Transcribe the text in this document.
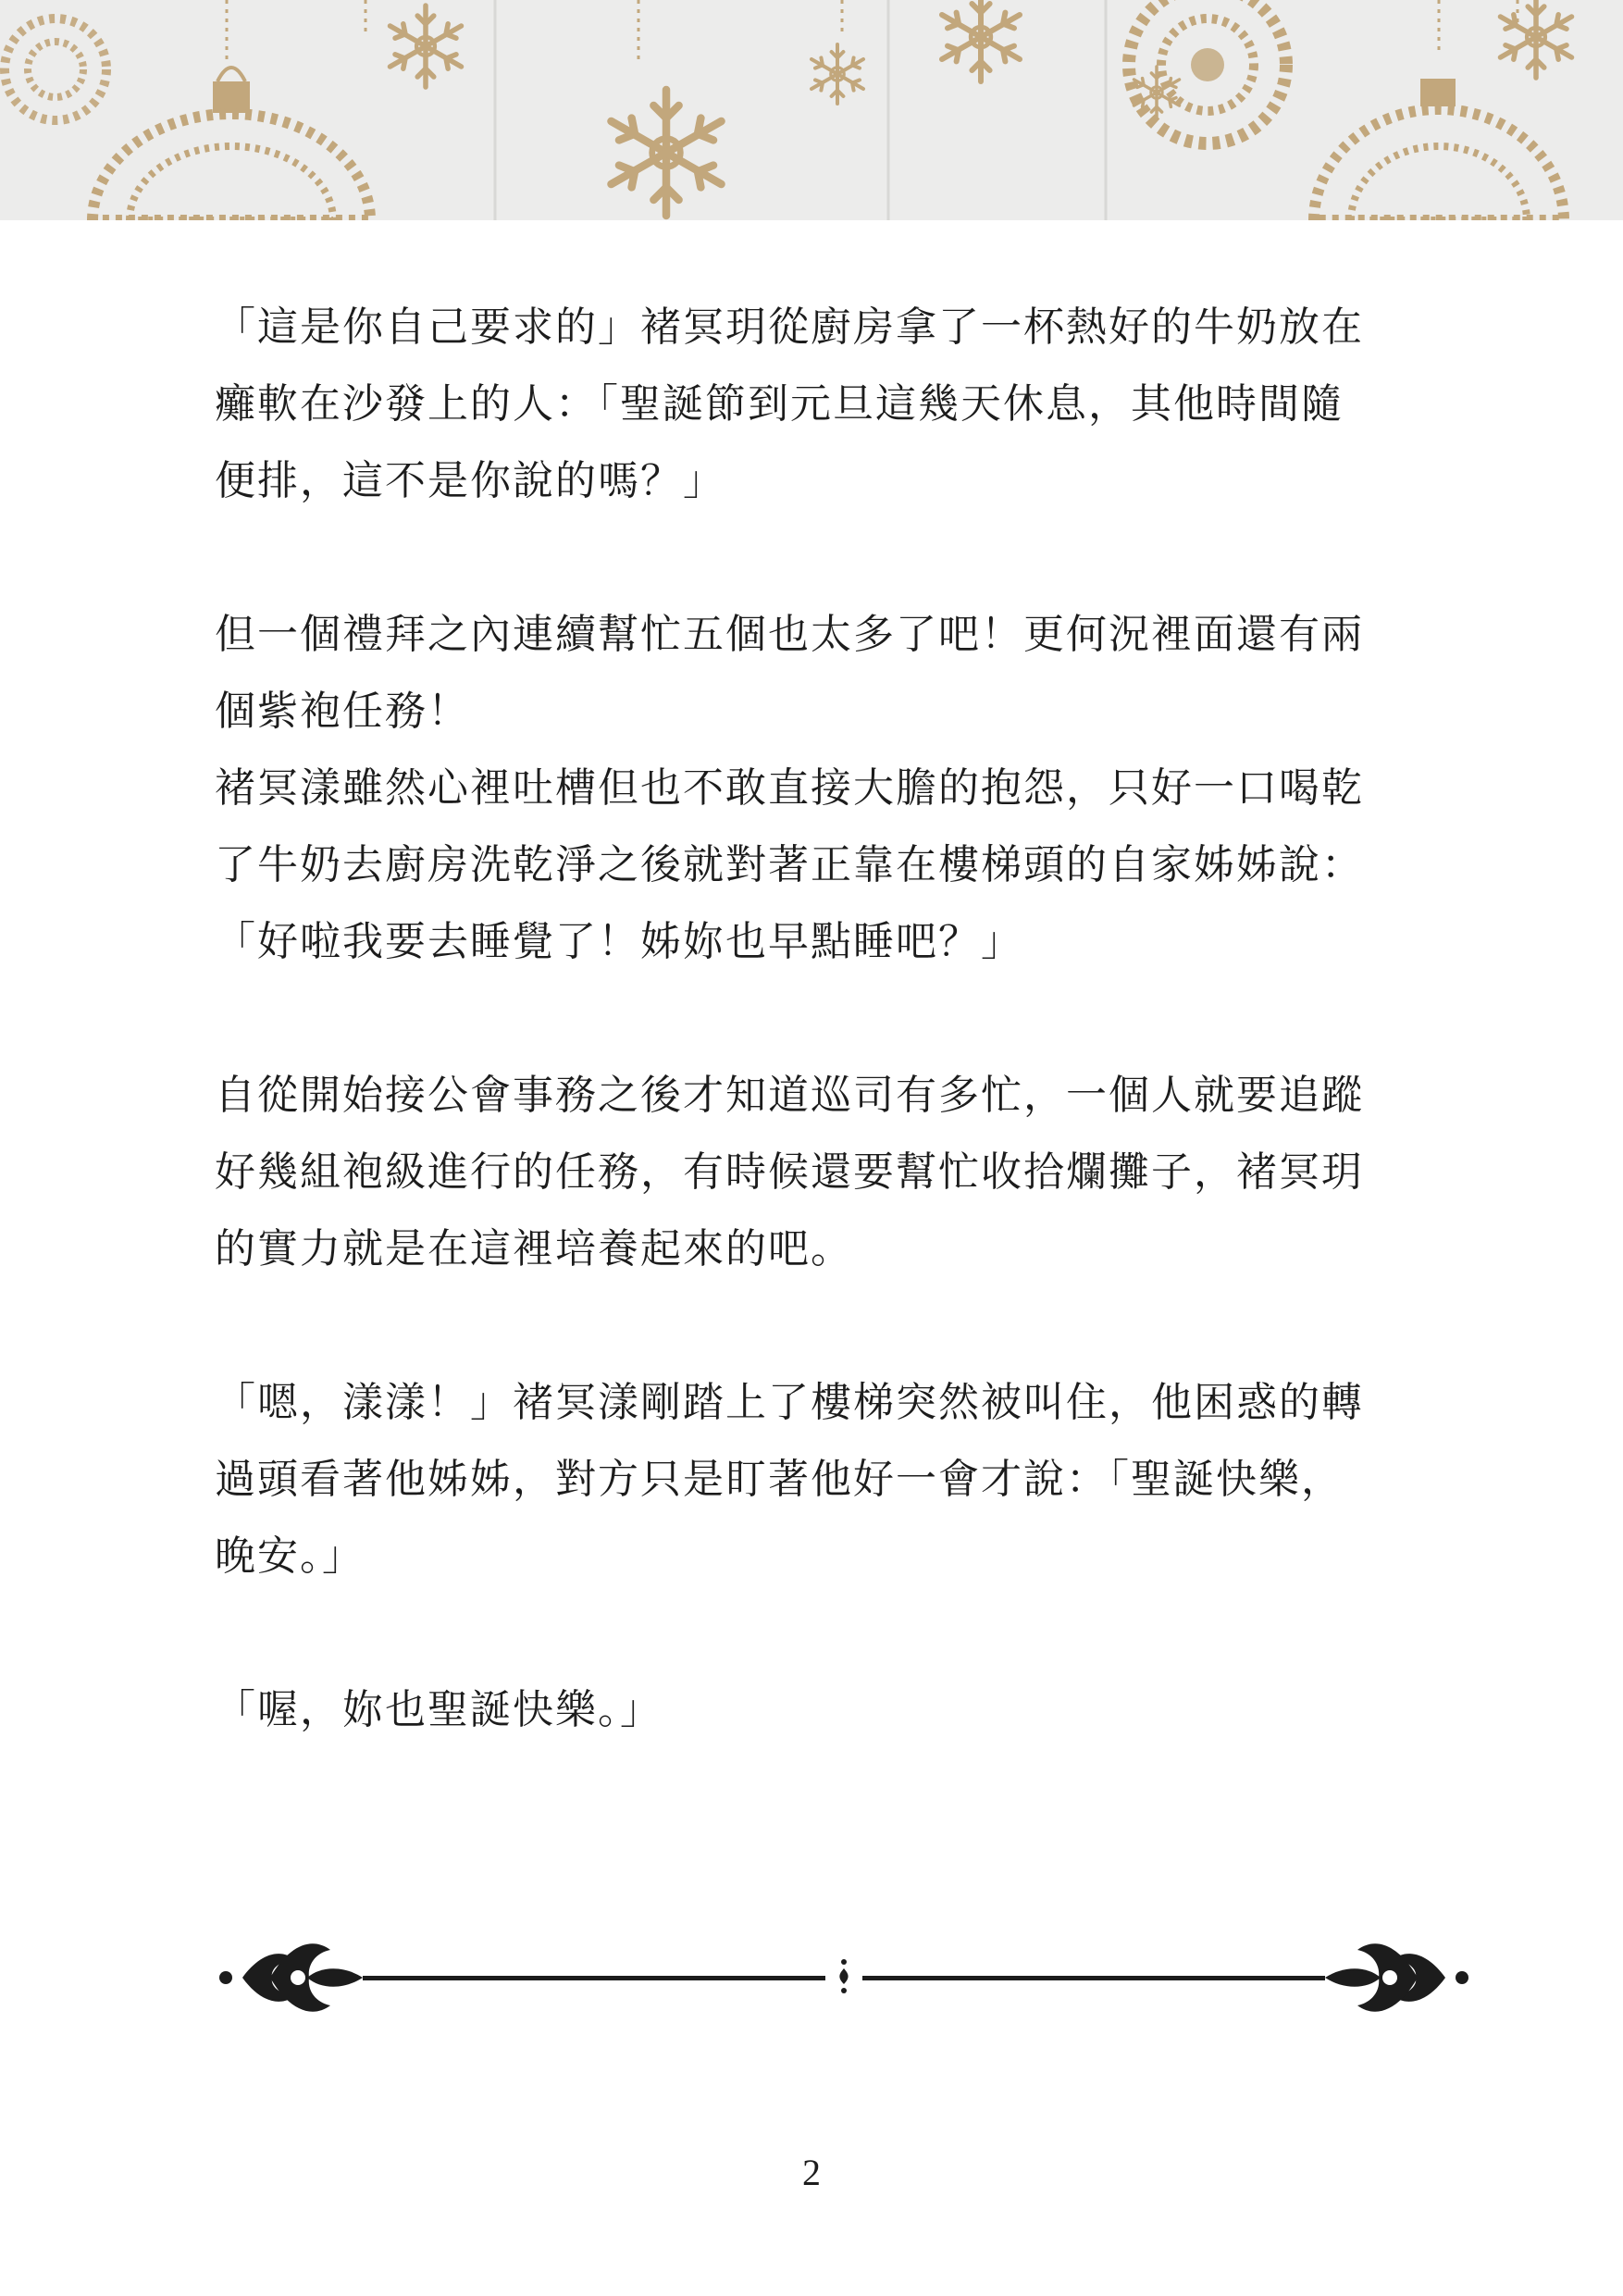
「這是你自己要求的」褚冥玥從廚房拿了一杯熱好的牛奶放在
癱軟在沙發上的人：「聖誕節到元旦這幾天休息，其他時間隨
便排，這不是你說的嗎？」

但一個禮拜之內連續幫忙五個也太多了吧！更何況裡面還有兩
個紫袍任務！

褚冥漾雖然心裡吐槽但也不敢直接大膽的抱怨，只好一口喝乾
了牛奶去廚房洗乾淨之後就對著正靠在樓梯頭的自家姊姊說：
「好啦我要去睡覺了！姊妳也早點睡吧？」

自從開始接公會事務之後才知道巡司有多忙，一個人就要追蹤
好幾組袍級進行的任務，有時候還要幫忙收拾爛攤子，褚冥玥
的實力就是在這裡培養起來的吧。

「嗯，漾漾！」褚冥漾剛踏上了樓梯突然被叫住，他困惑的轉
過頭看著他姊姊，對方只是盯著他好一會才說：「聖誕快樂，
晚安。」

「喔，妳也聖誕快樂。」

2
